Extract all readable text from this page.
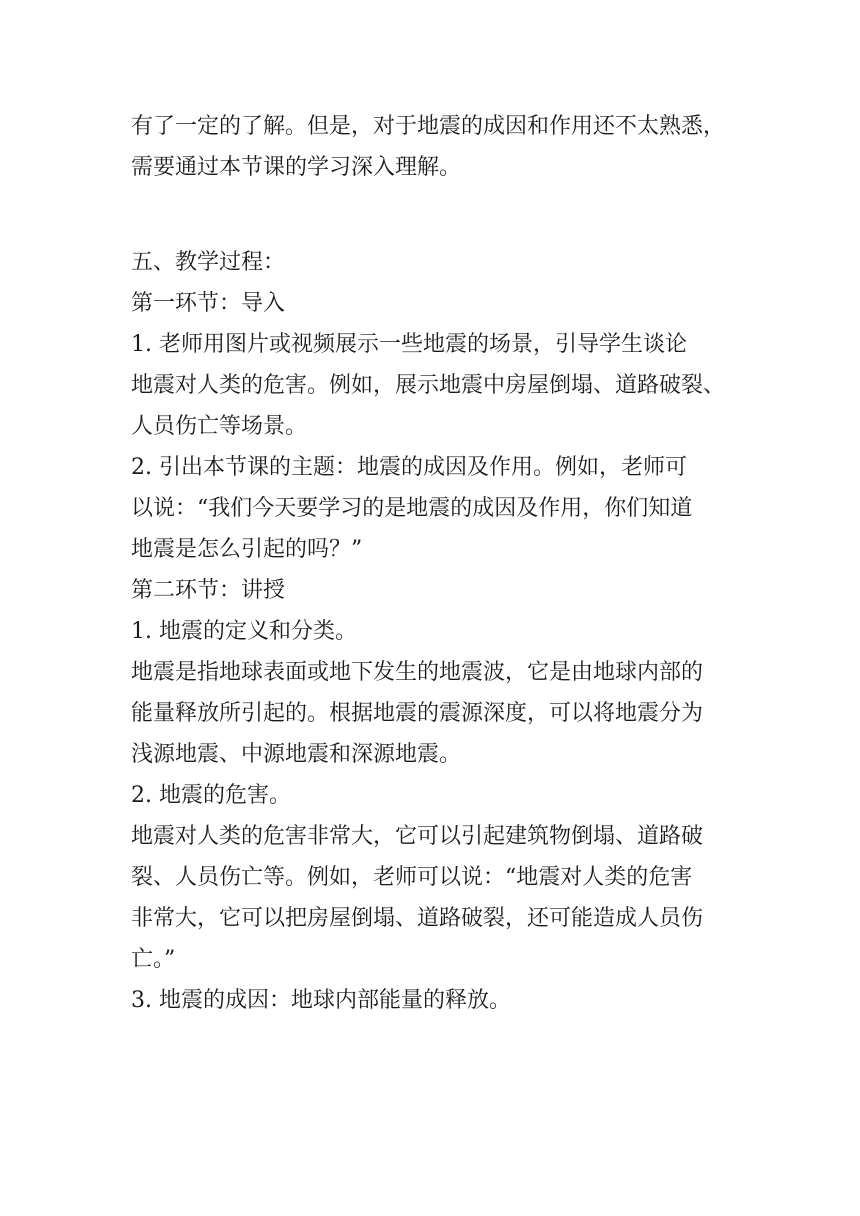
有了一定的了解。但是，对于地震的成因和作用还不太熟悉，
需要通过本节课的学习深入理解。
五、教学过程：
第一环节：导入
1. 老师用图片或视频展示一些地震的场景，引导学生谈论
地震对人类的危害。例如，展示地震中房屋倒塌、道路破裂、
人员伤亡等场景。
2. 引出本节课的主题：地震的成因及作用。例如，老师可
以说：“我们今天要学习的是地震的成因及作用，你们知道
地震是怎么引起的吗？”
第二环节：讲授
1. 地震的定义和分类。
地震是指地球表面或地下发生的地震波，它是由地球内部的
能量释放所引起的。根据地震的震源深度，可以将地震分为
浅源地震、中源地震和深源地震。
2. 地震的危害。
地震对人类的危害非常大，它可以引起建筑物倒塌、道路破
裂、人员伤亡等。例如，老师可以说：“地震对人类的危害
非常大，它可以把房屋倒塌、道路破裂，还可能造成人员伤
亡。”
3. 地震的成因：地球内部能量的释放。
